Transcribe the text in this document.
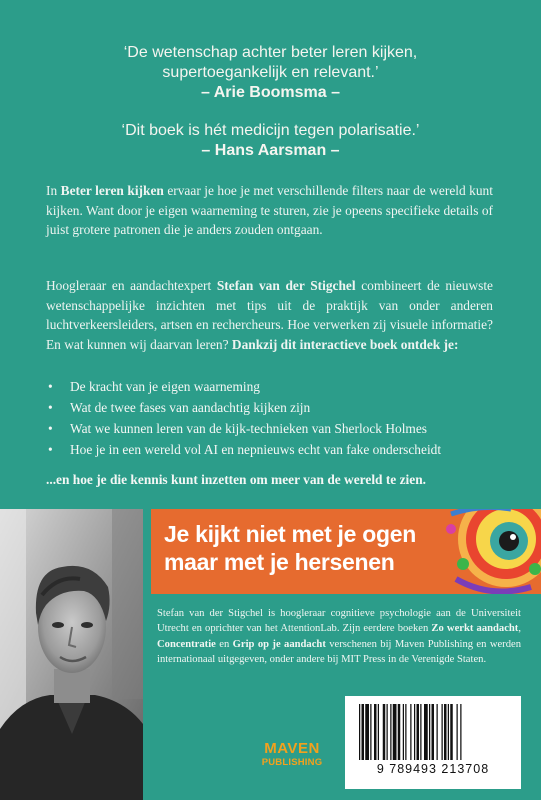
‘De wetenschap achter beter leren kijken,
supertoegankelijk en relevant.’
– Arie Boomsma –
‘Dit boek is hét medicijn tegen polarisatie.’
– Hans Aarsman –
In Beter leren kijken ervaar je hoe je met verschillende filters naar de wereld kunt kijken. Want door je eigen waarneming te sturen, zie je opeens specifieke details of juist grotere patronen die je anders zouden ontgaan.
Hoogleraar en aandachtexpert Stefan van der Stigchel combineert de nieuwste wetenschappelijke inzichten met tips uit de praktijk van onder anderen luchtverkeersleiders, artsen en rechercheurs. Hoe verwerken zij visuele informatie? En wat kunnen wij daarvan leren? Dankzij dit interactieve boek ontdek je:
• De kracht van je eigen waarneming
• Wat de twee fases van aandachtig kijken zijn
• Wat we kunnen leren van de kijk-technieken van Sherlock Holmes
• Hoe je in een wereld vol AI en nepnieuws echt van fake onderscheidt
...en hoe je die kennis kunt inzetten om meer van de wereld te zien.
Je kijkt niet met je ogen
maar met je hersenen
Stefan van der Stigchel is hoogleraar cognitieve psychologie aan de Universiteit Utrecht en oprichter van het AttentionLab. Zijn eerdere boeken Zo werkt aandacht, Concentratie en Grip op je aandacht verschenen bij Maven Publishing en werden internationaal uitgegeven, onder andere bij MIT Press in de Verenigde Staten.
MAVEN
PUBLISHING	9 789493 213708
